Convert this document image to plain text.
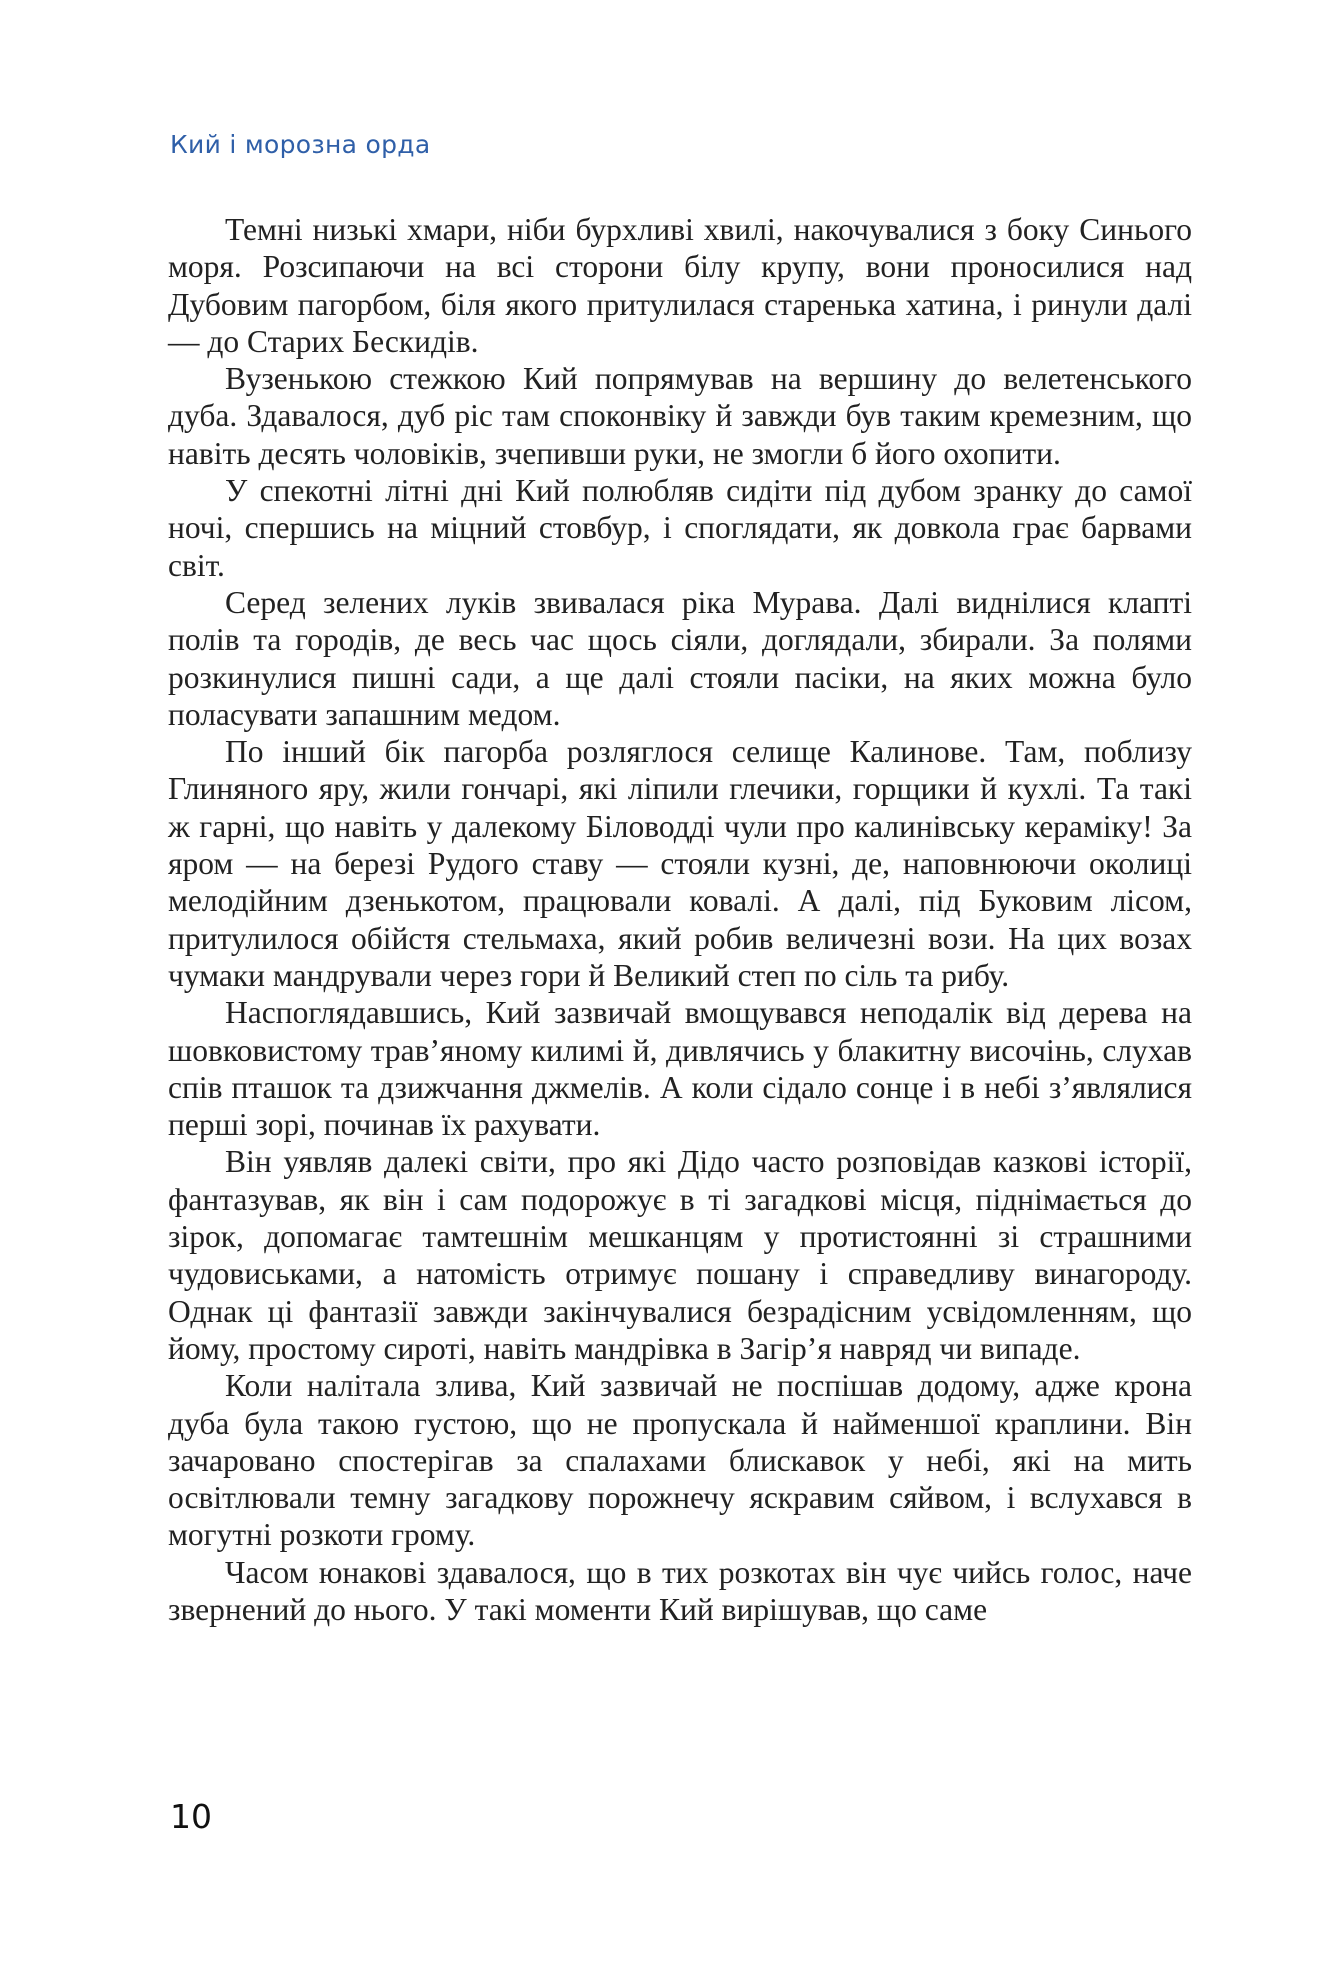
Кий і морозна орда

Темні низькі хмари, ніби бурхливі хвилі, накочувалися з боку Синього моря. Розсипаючи на всі сторони білу крупу, вони проносилися над Дубовим пагорбом, біля якого притулилася старенька хатина, і ринули далі — до Старих Бескидів.

Вузенькою стежкою Кий попрямував на вершину до велетенського дуба. Здавалося, дуб ріс там споконвіку й завжди був таким кремезним, що навіть десять чоловіків, зчепивши руки, не змогли б його охопити.

У спекотні літні дні Кий полюбляв сидіти під дубом зранку до самої ночі, спершись на міцний стовбур, і споглядати, як довкола грає барвами світ.

Серед зелених луків звивалася ріка Мурава. Далі виднілися клапті полів та городів, де весь час щось сіяли, доглядали, збирали. За полями розкинулися пишні сади, а ще далі стояли пасіки, на яких можна було поласувати запашним медом.

По інший бік пагорба розляглося селище Калинове. Там, поблизу Глиняного яру, жили гончарі, які ліпили глечики, горщики й кухлі. Та такі ж гарні, що навіть у далекому Біловодді чули про калинівську кераміку! За яром — на березі Рудого ставу — стояли кузні, де, наповнюючи околиці мелодійним дзенькотом, працювали ковалі. А далі, під Буковим лісом, притулилося обійстя стельмаха, який робив величезні вози. На цих возах чумаки мандрували через гори й Великий степ по сіль та рибу.

Наспоглядавшись, Кий зазвичай вмощувався неподалік від дерева на шовковистому трав’яному килимі й, дивлячись у блакитну височінь, слухав спів пташок та дзижчання джмелів. А коли сідало сонце і в небі з’являлися перші зорі, починав їх рахувати.

Він уявляв далекі світи, про які Дідо часто розповідав казкові історії, фантазував, як він і сам подорожує в ті загадкові місця, піднімається до зірок, допомагає тамтешнім мешканцям у протистоянні зі страшними чудовиськами, а натомість отримує пошану і справедливу винагороду. Однак ці фантазії завжди закінчувалися безрадісним усвідомленням, що йому, простому сироті, навіть мандрівка в Загір’я навряд чи випаде.

Коли налітала злива, Кий зазвичай не поспішав додому, адже крона дуба була такою густою, що не пропускала й найменшої краплини. Він зачаровано спостерігав за спалахами блискавок у небі, які на мить освітлювали темну загадкову порожнечу яскравим сяйвом, і вслухався в могутні розкоти грому.

Часом юнакові здавалося, що в тих розкотах він чує чийсь голос, наче звернений до нього. У такі моменти Кий вирішував, що саме

10
